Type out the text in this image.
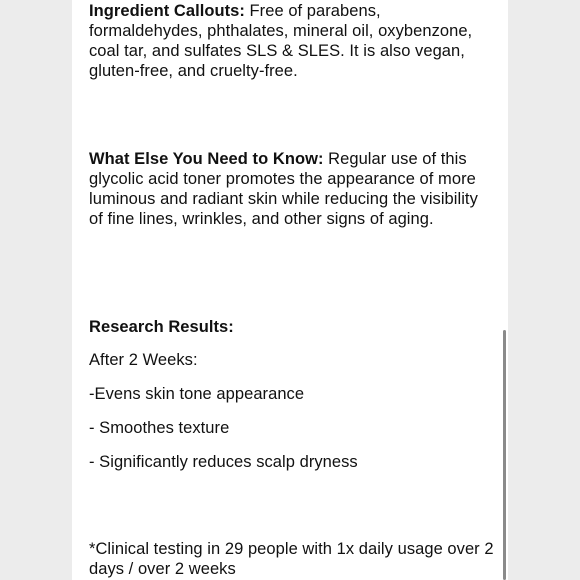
Ingredient Callouts: Free of parabens, formaldehydes, phthalates, mineral oil, oxybenzone, coal tar, and sulfates SLS & SLES. It is also vegan, gluten-free, and cruelty-free.

What Else You Need to Know: Regular use of this glycolic acid toner promotes the appearance of more luminous and radiant skin while reducing the visibility of fine lines, wrinkles, and other signs of aging.

Research Results:

After 2 Weeks:

-Evens skin tone appearance

- Smoothes texture

- Significantly reduces scalp dryness

*Clinical testing in 29 people with 1x daily usage over 2 days / over 2 weeks
